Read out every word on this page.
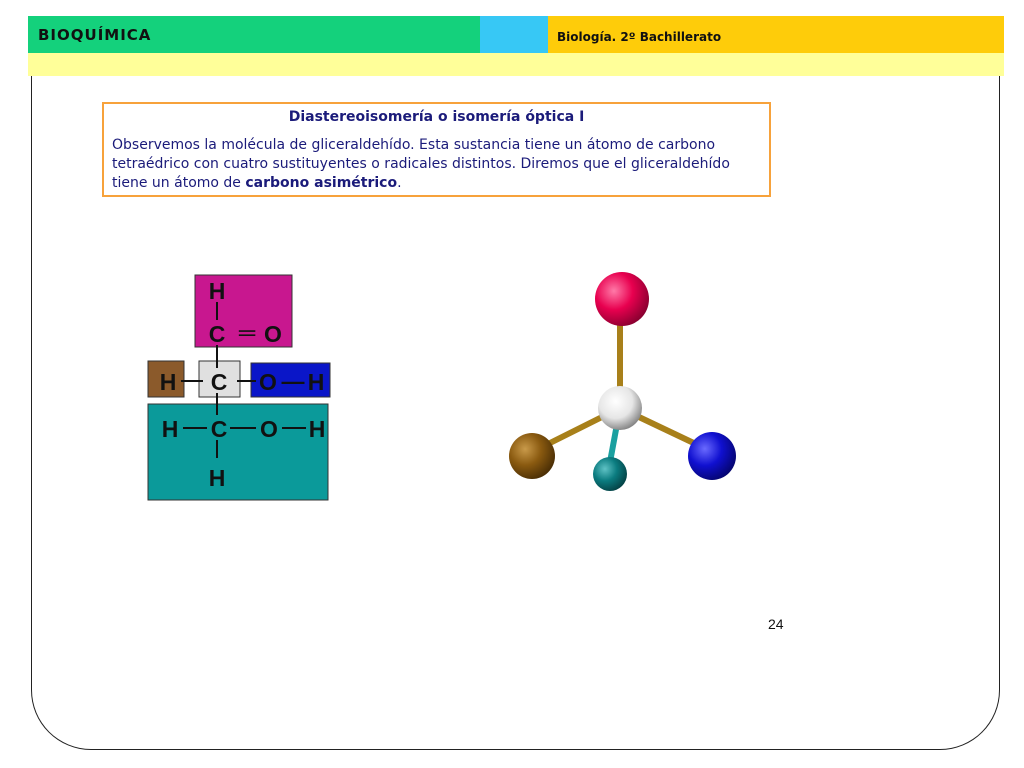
BIOQUÍMICA	Biología. 2º Bachillerato
Diastereoisomería o isomería óptica I
Observemos la molécula de gliceraldehído. Esta sustancia tiene un átomo de carbono tetraédrico con cuatro sustituyentes o radicales distintos. Diremos que el gliceraldehído tiene un átomo de carbono asimétrico.
H
C ═ O
H C O — H
H C O H
H
24
